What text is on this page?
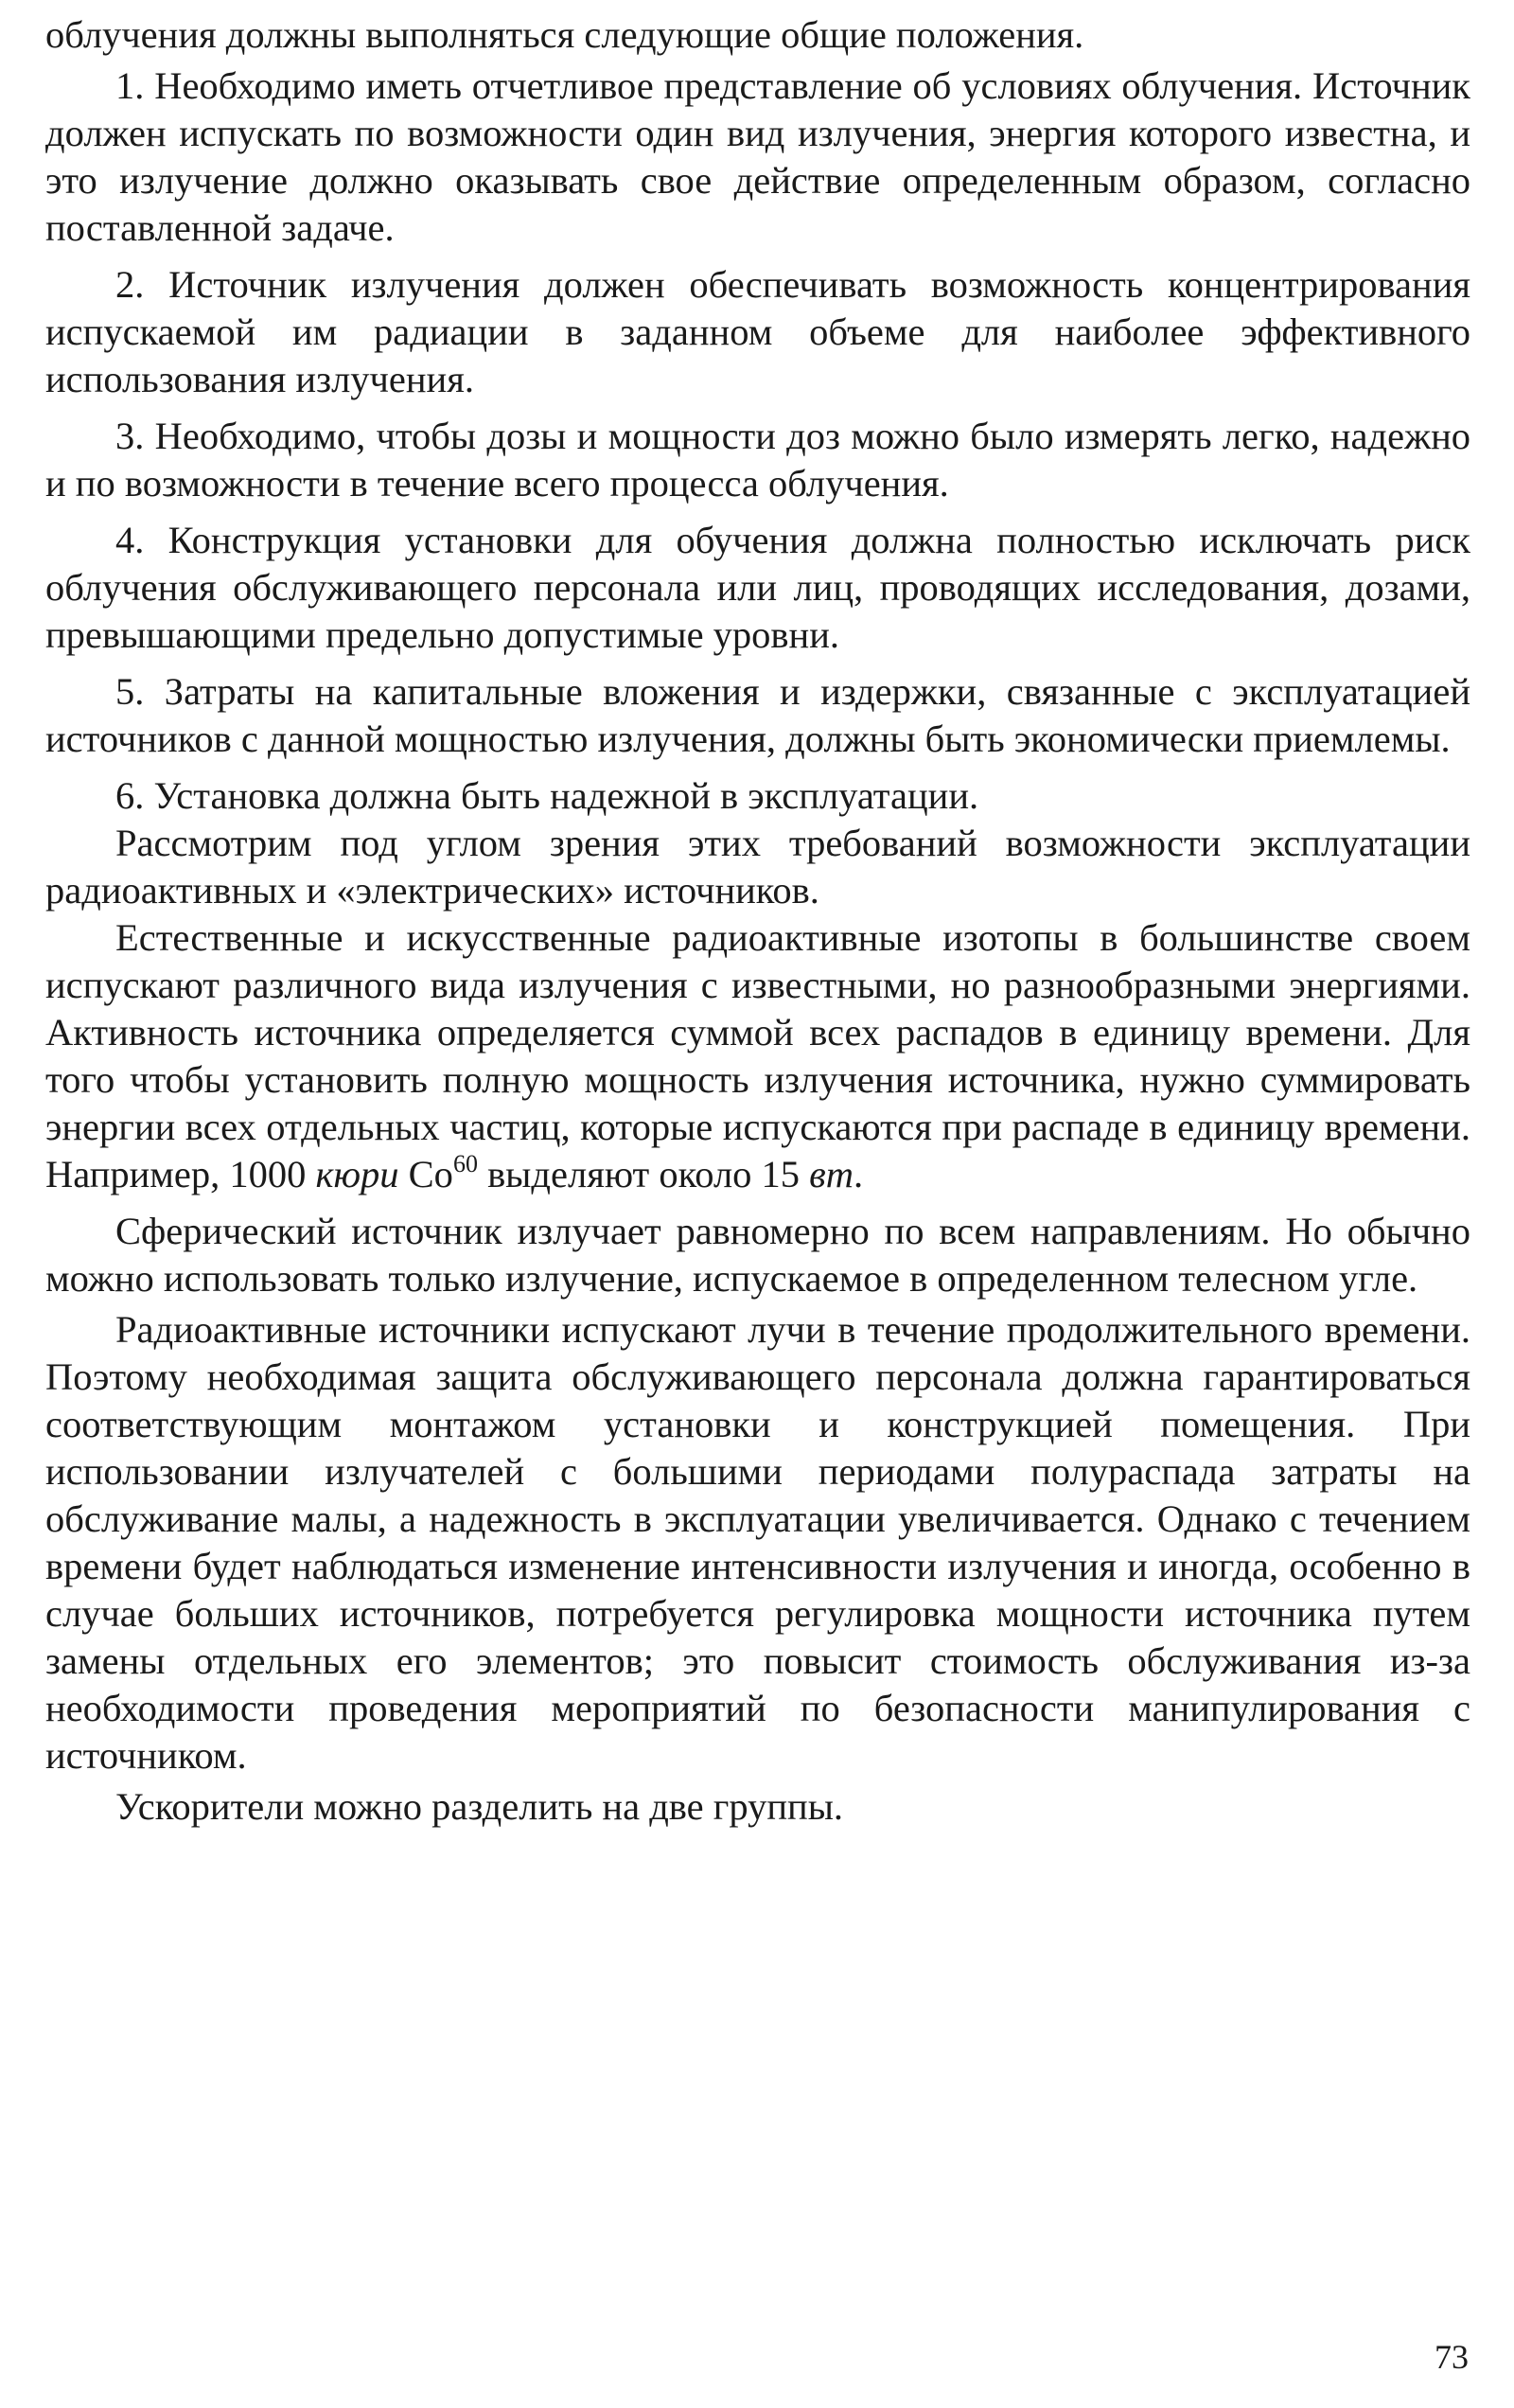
облучения должны выполняться следующие общие положения.

1. Необходимо иметь отчетливое представление об условиях облучения. Источник должен испускать по возможности один вид излучения, энергия которого известна, и это излучение должно оказывать свое действие определенным образом, согласно поставленной задаче.

2. Источник излучения должен обеспечивать возможность концентрирования испускаемой им радиации в заданном объеме для наиболее эффективного использования излучения.

3. Необходимо, чтобы дозы и мощности доз можно было измерять легко, надежно и по возможности в течение всего процесса облучения.

4. Конструкция установки для обучения должна полностью исключать риск облучения обслуживающего персонала или лиц, проводящих исследования, дозами, превышающими предельно допустимые уровни.

5. Затраты на капитальные вложения и издержки, связанные с эксплуатацией источников с данной мощностью излучения, должны быть экономически приемлемы.

6. Установка должна быть надежной в эксплуатации.

Рассмотрим под углом зрения этих требований возможности эксплуатации радиоактивных и «электрических» источников.

Естественные и искусственные радиоактивные изотопы в большинстве своем испускают различного вида излучения с известными, но разнообразными энергиями. Активность источника определяется суммой всех распадов в единицу времени. Для того чтобы установить полную мощность излучения источника, нужно суммировать энергии всех отдельных частиц, которые испускаются при распаде в единицу времени. Например, 1000 кюри Co$^{60}$ выделяют около 15 вт.

Сферический источник излучает равномерно по всем направлениям. Но обычно можно использовать только излучение, испускаемое в определенном телесном угле.

Радиоактивные источники испускают лучи в течение продолжительного времени. Поэтому необходимая защита обслуживающего персонала должна гарантироваться соответствующим монтажом установки и конструкцией помещения. При использовании излучателей с большими периодами полураспада затраты на обслуживание малы, а надежность в эксплуатации увеличивается. Однако с течением времени будет наблюдаться изменение интенсивности излучения и иногда, особенно в случае больших источников, потребуется регулировка мощности источника путем замены отдельных его элементов; это повысит стоимость обслуживания из-за необходимости проведения мероприятий по безопасности манипулирования с источником.

Ускорители можно разделить на две группы.

73
